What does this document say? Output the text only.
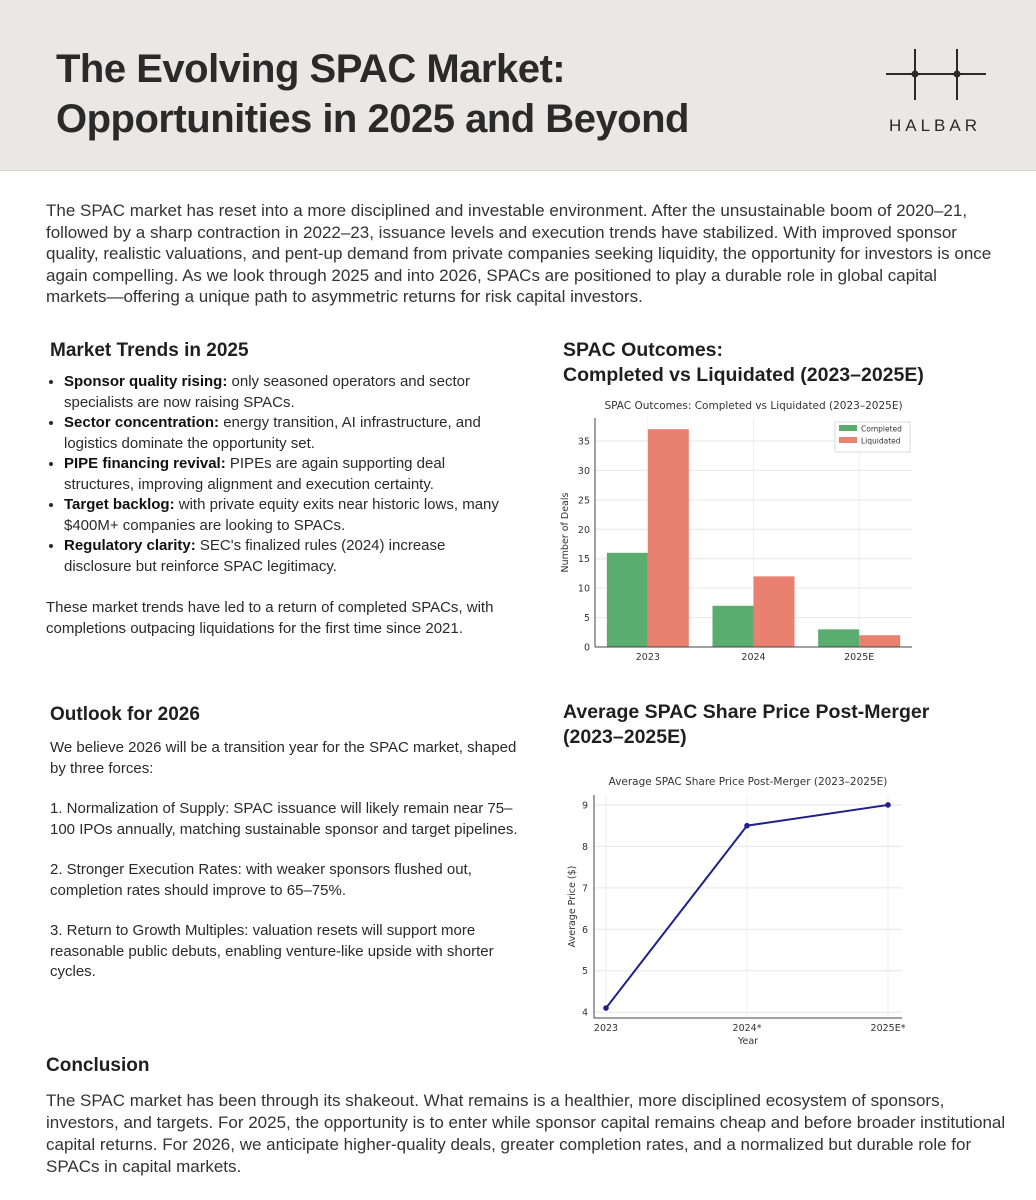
The Evolving SPAC Market:
Opportunities in 2025 and Beyond	HALBAR
The SPAC market has reset into a more disciplined and investable environment. After the unsustainable boom of 2020–21, followed by a sharp contraction in 2022–23, issuance levels and execution trends have stabilized. With improved sponsor quality, realistic valuations, and pent-up demand from private companies seeking liquidity, the opportunity for investors is once again compelling. As we look through 2025 and into 2026, SPACs are positioned to play a durable role in global capital markets—offering a unique path to asymmetric returns for risk capital investors.
Market Trends in 2025
• Sponsor quality rising: only seasoned operators and sector specialists are now raising SPACs.
• Sector concentration: energy transition, AI infrastructure, and logistics dominate the opportunity set.
• PIPE financing revival: PIPEs are again supporting deal structures, improving alignment and execution certainty.
• Target backlog: with private equity exits near historic lows, many $400M+ companies are looking to SPACs.
• Regulatory clarity: SEC's finalized rules (2024) increase disclosure but reinforce SPAC legitimacy.
These market trends have led to a return of completed SPACs, with completions outpacing liquidations for the first time since 2021.
SPAC Outcomes:
Completed vs Liquidated (2023–2025E)
SPAC Outcomes: Completed vs Liquidated (2023–2025E)
0
5
10
15
20
25
30
35
2023	2024	2025E
Number of Deals
Completed
Liquidated
Outlook for 2026
We believe 2026 will be a transition year for the SPAC market, shaped by three forces:
1. Normalization of Supply: SPAC issuance will likely remain near 75–100 IPOs annually, matching sustainable sponsor and target pipelines.
2. Stronger Execution Rates: with weaker sponsors flushed out, completion rates should improve to 65–75%.
3. Return to Growth Multiples: valuation resets will support more reasonable public debuts, enabling venture-like upside with shorter cycles.
Average SPAC Share Price Post-Merger
(2023–2025E)
Average SPAC Share Price Post-Merger (2023–2025E)
4
5
6
7
8
9
2023	2024*	2025E*
Year
Average Price ($)
Conclusion
The SPAC market has been through its shakeout. What remains is a healthier, more disciplined ecosystem of sponsors, investors, and targets. For 2025, the opportunity is to enter while sponsor capital remains cheap and before broader institutional capital returns. For 2026, we anticipate higher-quality deals, greater completion rates, and a normalized but durable role for SPACs in capital markets.
